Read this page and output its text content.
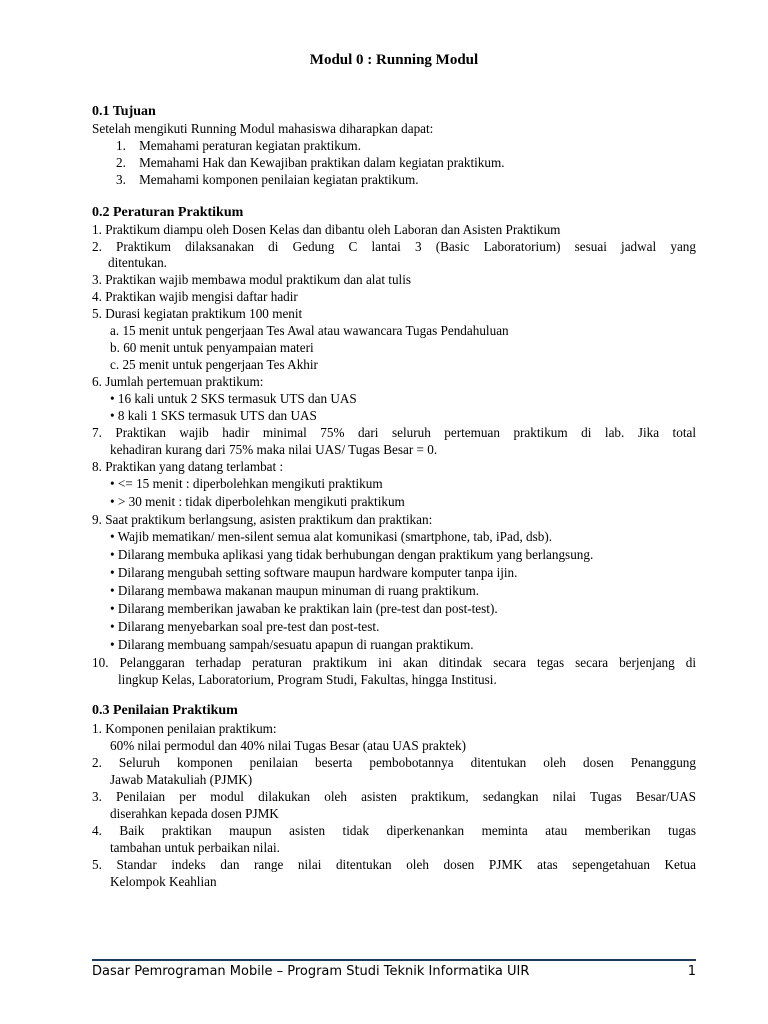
Modul 0 : Running Modul
0.1 Tujuan
Setelah mengikuti Running Modul mahasiswa diharapkan dapat:
1. Memahami peraturan kegiatan praktikum.
2. Memahami Hak dan Kewajiban praktikan dalam kegiatan praktikum.
3. Memahami komponen penilaian kegiatan praktikum.
0.2 Peraturan Praktikum
1. Praktikum diampu oleh Dosen Kelas dan dibantu oleh Laboran dan Asisten Praktikum
2. Praktikum dilaksanakan di Gedung C lantai 3 (Basic Laboratorium) sesuai jadwal yang
ditentukan.
3. Praktikan wajib membawa modul praktikum dan alat tulis
4. Praktikan wajib mengisi daftar hadir
5. Durasi kegiatan praktikum 100 menit
a. 15 menit untuk pengerjaan Tes Awal atau wawancara Tugas Pendahuluan
b. 60 menit untuk penyampaian materi
c. 25 menit untuk pengerjaan Tes Akhir
6. Jumlah pertemuan praktikum:
• 16 kali untuk 2 SKS termasuk UTS dan UAS
• 8 kali 1 SKS termasuk UTS dan UAS
7. Praktikan wajib hadir minimal 75% dari seluruh pertemuan praktikum di lab. Jika total
kehadiran kurang dari 75% maka nilai UAS/ Tugas Besar = 0.
8. Praktikan yang datang terlambat :
• <= 15 menit : diperbolehkan mengikuti praktikum
• > 30 menit : tidak diperbolehkan mengikuti praktikum
9. Saat praktikum berlangsung, asisten praktikum dan praktikan:
• Wajib mematikan/ men-silent semua alat komunikasi (smartphone, tab, iPad, dsb).
• Dilarang membuka aplikasi yang tidak berhubungan dengan praktikum yang berlangsung.
• Dilarang mengubah setting software maupun hardware komputer tanpa ijin.
• Dilarang membawa makanan maupun minuman di ruang praktikum.
• Dilarang memberikan jawaban ke praktikan lain (pre-test dan post-test).
• Dilarang menyebarkan soal pre-test dan post-test.
• Dilarang membuang sampah/sesuatu apapun di ruangan praktikum.
10. Pelanggaran terhadap peraturan praktikum ini akan ditindak secara tegas secara berjenjang di
lingkup Kelas, Laboratorium, Program Studi, Fakultas, hingga Institusi.
0.3 Penilaian Praktikum
1. Komponen penilaian praktikum:
60% nilai permodul dan 40% nilai Tugas Besar (atau UAS praktek)
2. Seluruh komponen penilaian beserta pembobotannya ditentukan oleh dosen Penanggung
Jawab Matakuliah (PJMK)
3. Penilaian per modul dilakukan oleh asisten praktikum, sedangkan nilai Tugas Besar/UAS
diserahkan kepada dosen PJMK
4. Baik praktikan maupun asisten tidak diperkenankan meminta atau memberikan tugas
tambahan untuk perbaikan nilai.
5. Standar indeks dan range nilai ditentukan oleh dosen PJMK atas sepengetahuan Ketua
Kelompok Keahlian
Dasar Pemrograman Mobile – Program Studi Teknik Informatika UIR	1
